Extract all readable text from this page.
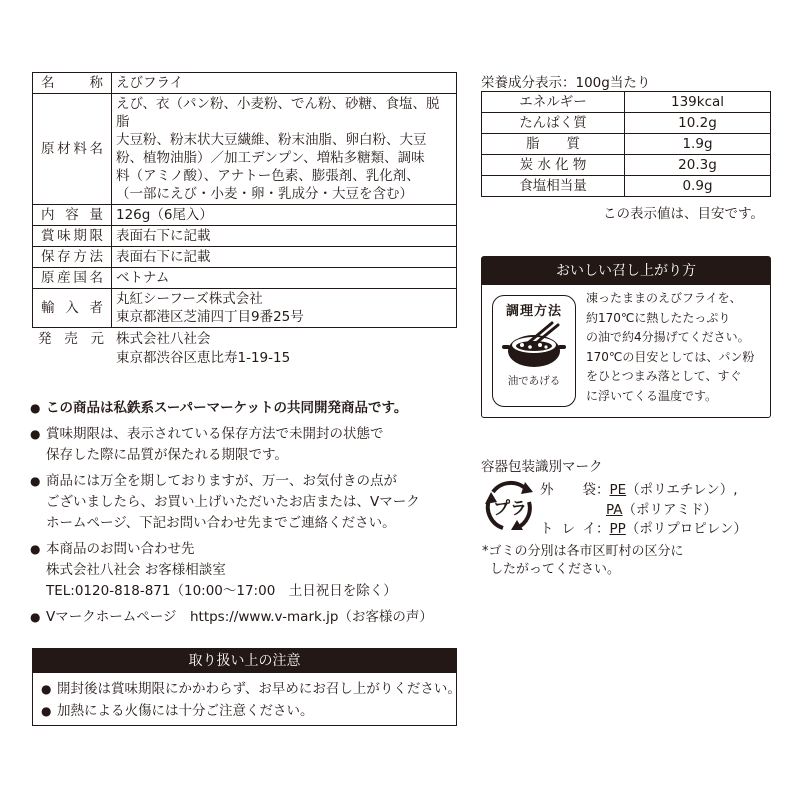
名　　称	えびフライ
原材料名	えび、衣（パン粉、小麦粉、でん粉、砂糖、食塩、脱脂
大豆粉、粉末状大豆繊維、粉末油脂、卵白粉、大豆
粉、植物油脂）／加工デンプン、増粘多糖類、調味
料（アミノ酸）、アナトー色素、膨張剤、乳化剤、
（一部にえび・小麦・卵・乳成分・大豆を含む）
内 容 量	126g（6尾入）
賞味期限	表面右下に記載
保存方法	表面右下に記載
原産国名	ベトナム
輸 入 者	丸紅シーフーズ株式会社
東京都港区芝浦四丁目9番25号
発 売 元 株式会社八社会
東京都渋谷区恵比寿1-19-15
● この商品は私鉄系スーパーマーケットの共同開発商品です。
● 賞味期限は、表示されている保存方法で未開封の状態で
保存した際に品質が保たれる期限です。
● 商品には万全を期しておりますが、万一、お気付きの点が
ございましたら、お買い上げいただいたお店または、Vマーク
ホームページ、下記お問い合わせ先までご連絡ください。
● 本商品のお問い合わせ先
株式会社八社会 お客様相談室
TEL:0120-818-871（10:00～17:00　土日祝日を除く）
● Vマークホームページ　https://www.v-mark.jp（お客様の声）
取り扱い上の注意
● 開封後は賞味期限にかかわらず、お早めにお召し上がりください。
● 加熱による火傷には十分ご注意ください。
栄養成分表示：100g当たり
エネルギー	139kcal
たんぱく質	10.2g
脂　　質	1.9g
炭 水 化 物	20.3g
食塩相当量	0.9g
この表示値は、目安です。
おいしい召し上がり方
調理方法
油であげる
凍ったままのえびフライを、
約170℃に熱したたっぷり
の油で約4分揚げてください。
170℃の目安としては、パン粉
をひとつまみ落として、すぐ
に浮いてくる温度です。
容器包装識別マーク
プラ
外　袋：PE（ポリエチレン）,
PA（ポリアミド）
トレイ：PP（ポリプロピレン）
*ゴミの分別は各市区町村の区分に
したがってください。
